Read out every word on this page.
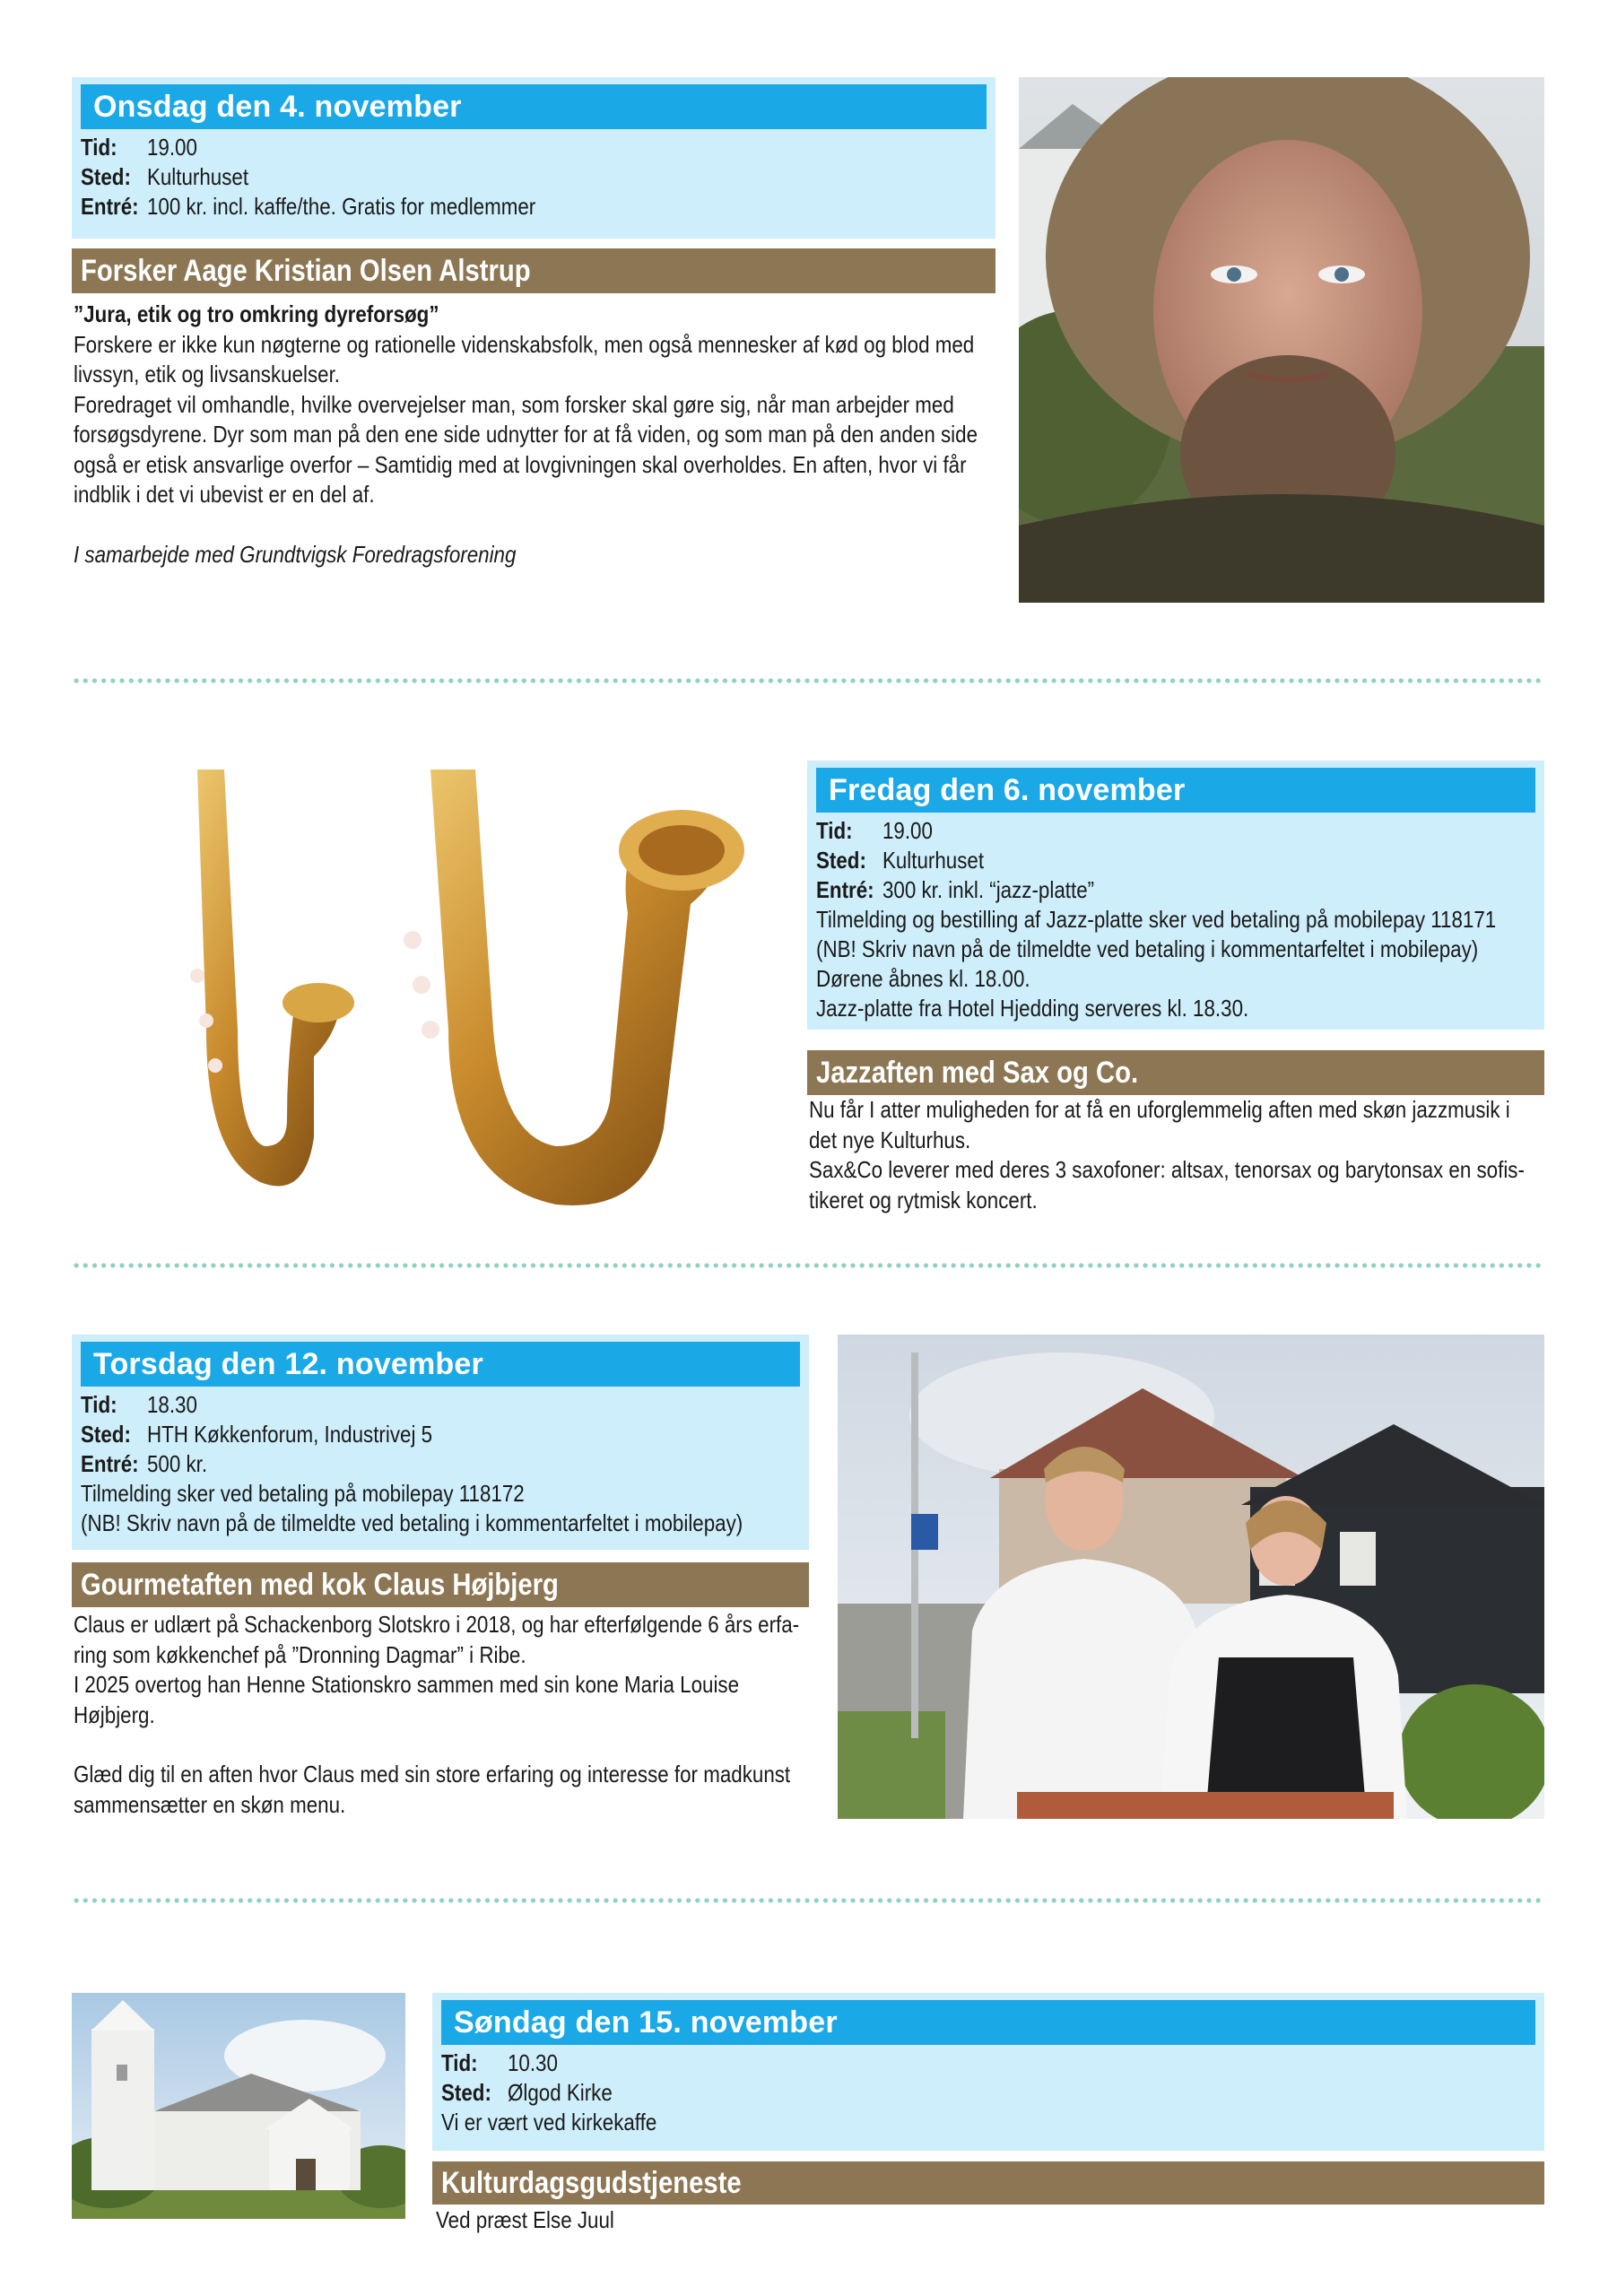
Onsdag den 4. november
Tid: 19.00
Sted: Kulturhuset
Entré: 100 kr. incl. kaffe/the. Gratis for medlemmer
Forsker Aage Kristian Olsen Alstrup
”Jura, etik og tro omkring dyreforsøg”
Forskere er ikke kun nøgterne og rationelle videnskabsfolk, men også mennesker af kød og blod med
livssyn, etik og livsanskuelser.
Foredraget vil omhandle, hvilke overvejelser man, som forsker skal gøre sig, når man arbejder med
forsøgsdyrene. Dyr som man på den ene side udnytter for at få viden, og som man på den anden side
også er etisk ansvarlige overfor – Samtidig med at lovgivningen skal overholdes. En aften, hvor vi får
indblik i det vi ubevist er en del af.
I samarbejde med Grundtvigsk Foredragsforening
Fredag den 6. november
Tid: 19.00
Sted: Kulturhuset
Entré: 300 kr. inkl. “jazz-platte”
Tilmelding og bestilling af Jazz-platte sker ved betaling på mobilepay 118171
(NB! Skriv navn på de tilmeldte ved betaling i kommentarfeltet i mobilepay)
Dørene åbnes kl. 18.00.
Jazz-platte fra Hotel Hjedding serveres kl. 18.30.
Jazzaften med Sax og Co.
Nu får I atter muligheden for at få en uforglemmelig aften med skøn jazzmusik i
det nye Kulturhus.
Sax&Co leverer med deres 3 saxofoner: altsax, tenorsax og barytonsax en sofis-
tikeret og rytmisk koncert.
Torsdag den 12. november
Tid: 18.30
Sted: HTH Køkkenforum, Industrivej 5
Entré: 500 kr.
Tilmelding sker ved betaling på mobilepay 118172
(NB! Skriv navn på de tilmeldte ved betaling i kommentarfeltet i mobilepay)
Gourmetaften med kok Claus Højbjerg
Claus er udlært på Schackenborg Slotskro i 2018, og har efterfølgende 6 års erfa-
ring som køkkenchef på ”Dronning Dagmar” i Ribe.
I 2025 overtog han Henne Stationskro sammen med sin kone Maria Louise
Højbjerg.
Glæd dig til en aften hvor Claus med sin store erfaring og interesse for madkunst
sammensætter en skøn menu.
Søndag den 15. november
Tid: 10.30
Sted: Ølgod Kirke
Vi er vært ved kirkekaffe
Kulturdagsgudstjeneste
Ved præst Else Juul
